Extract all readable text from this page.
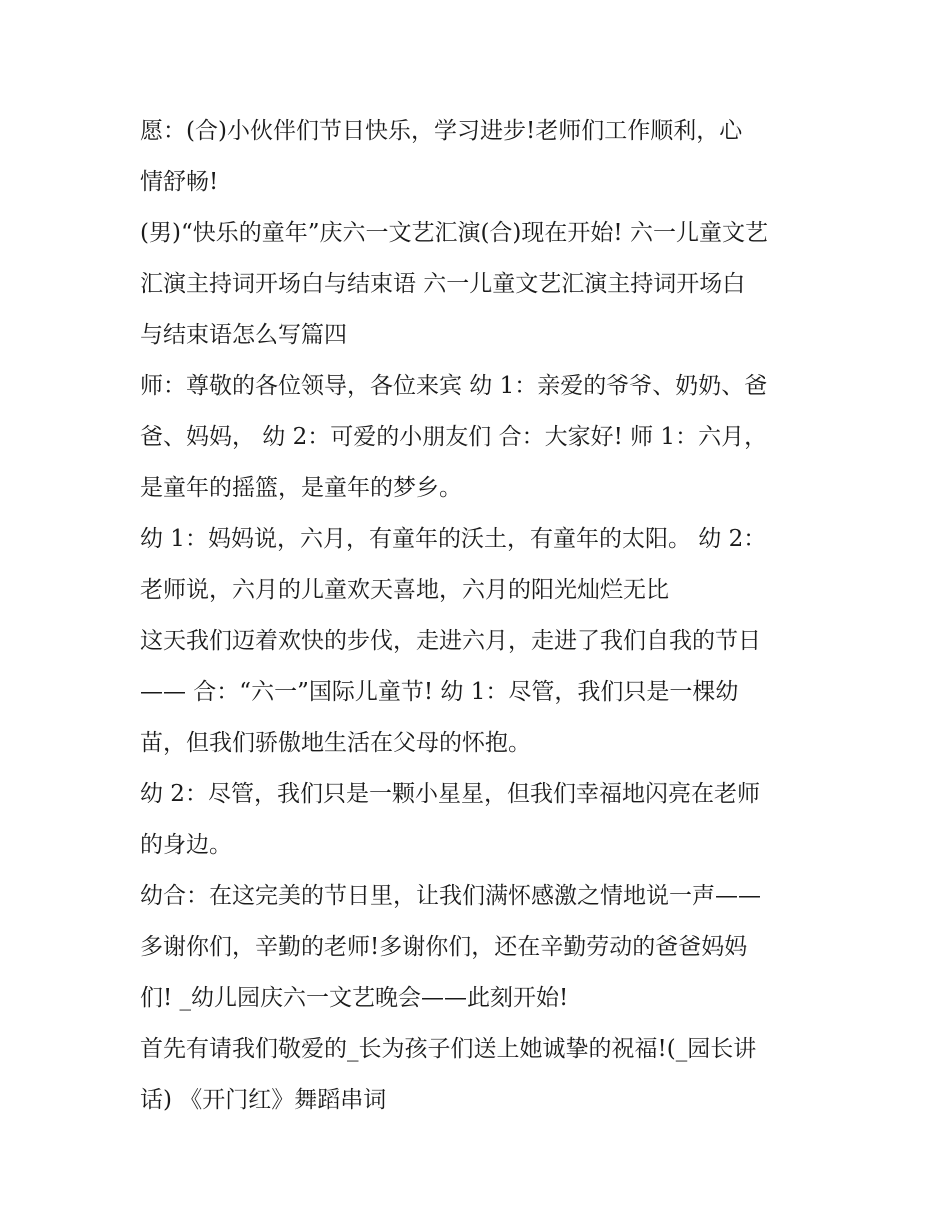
愿：(合)小伙伴们节日快乐，学习进步!老师们工作顺利，心
情舒畅!
(男)“快乐的童年”庆六一文艺汇演(合)现在开始! 六一儿童文艺
汇演主持词开场白与结束语 六一儿童文艺汇演主持词开场白
与结束语怎么写篇四
师：尊敬的各位领导，各位来宾 幼 1：亲爱的爷爷、奶奶、爸
爸、妈妈， 幼 2：可爱的小朋友们 合：大家好! 师 1：六月，
是童年的摇篮，是童年的梦乡。
幼 1：妈妈说，六月，有童年的沃土，有童年的太阳。 幼 2：
老师说，六月的儿童欢天喜地，六月的阳光灿烂无比
这天我们迈着欢快的步伐，走进六月，走进了我们自我的节日
—— 合：“六一”国际儿童节! 幼 1：尽管，我们只是一棵幼
苗，但我们骄傲地生活在父母的怀抱。
幼 2：尽管，我们只是一颗小星星，但我们幸福地闪亮在老师
的身边。
幼合：在这完美的节日里，让我们满怀感激之情地说一声——
多谢你们，辛勤的老师!多谢你们，还在辛勤劳动的爸爸妈妈
们! _幼儿园庆六一文艺晚会——此刻开始!
首先有请我们敬爱的_长为孩子们送上她诚挚的祝福!(_园长讲
话) 《开门红》舞蹈串词
